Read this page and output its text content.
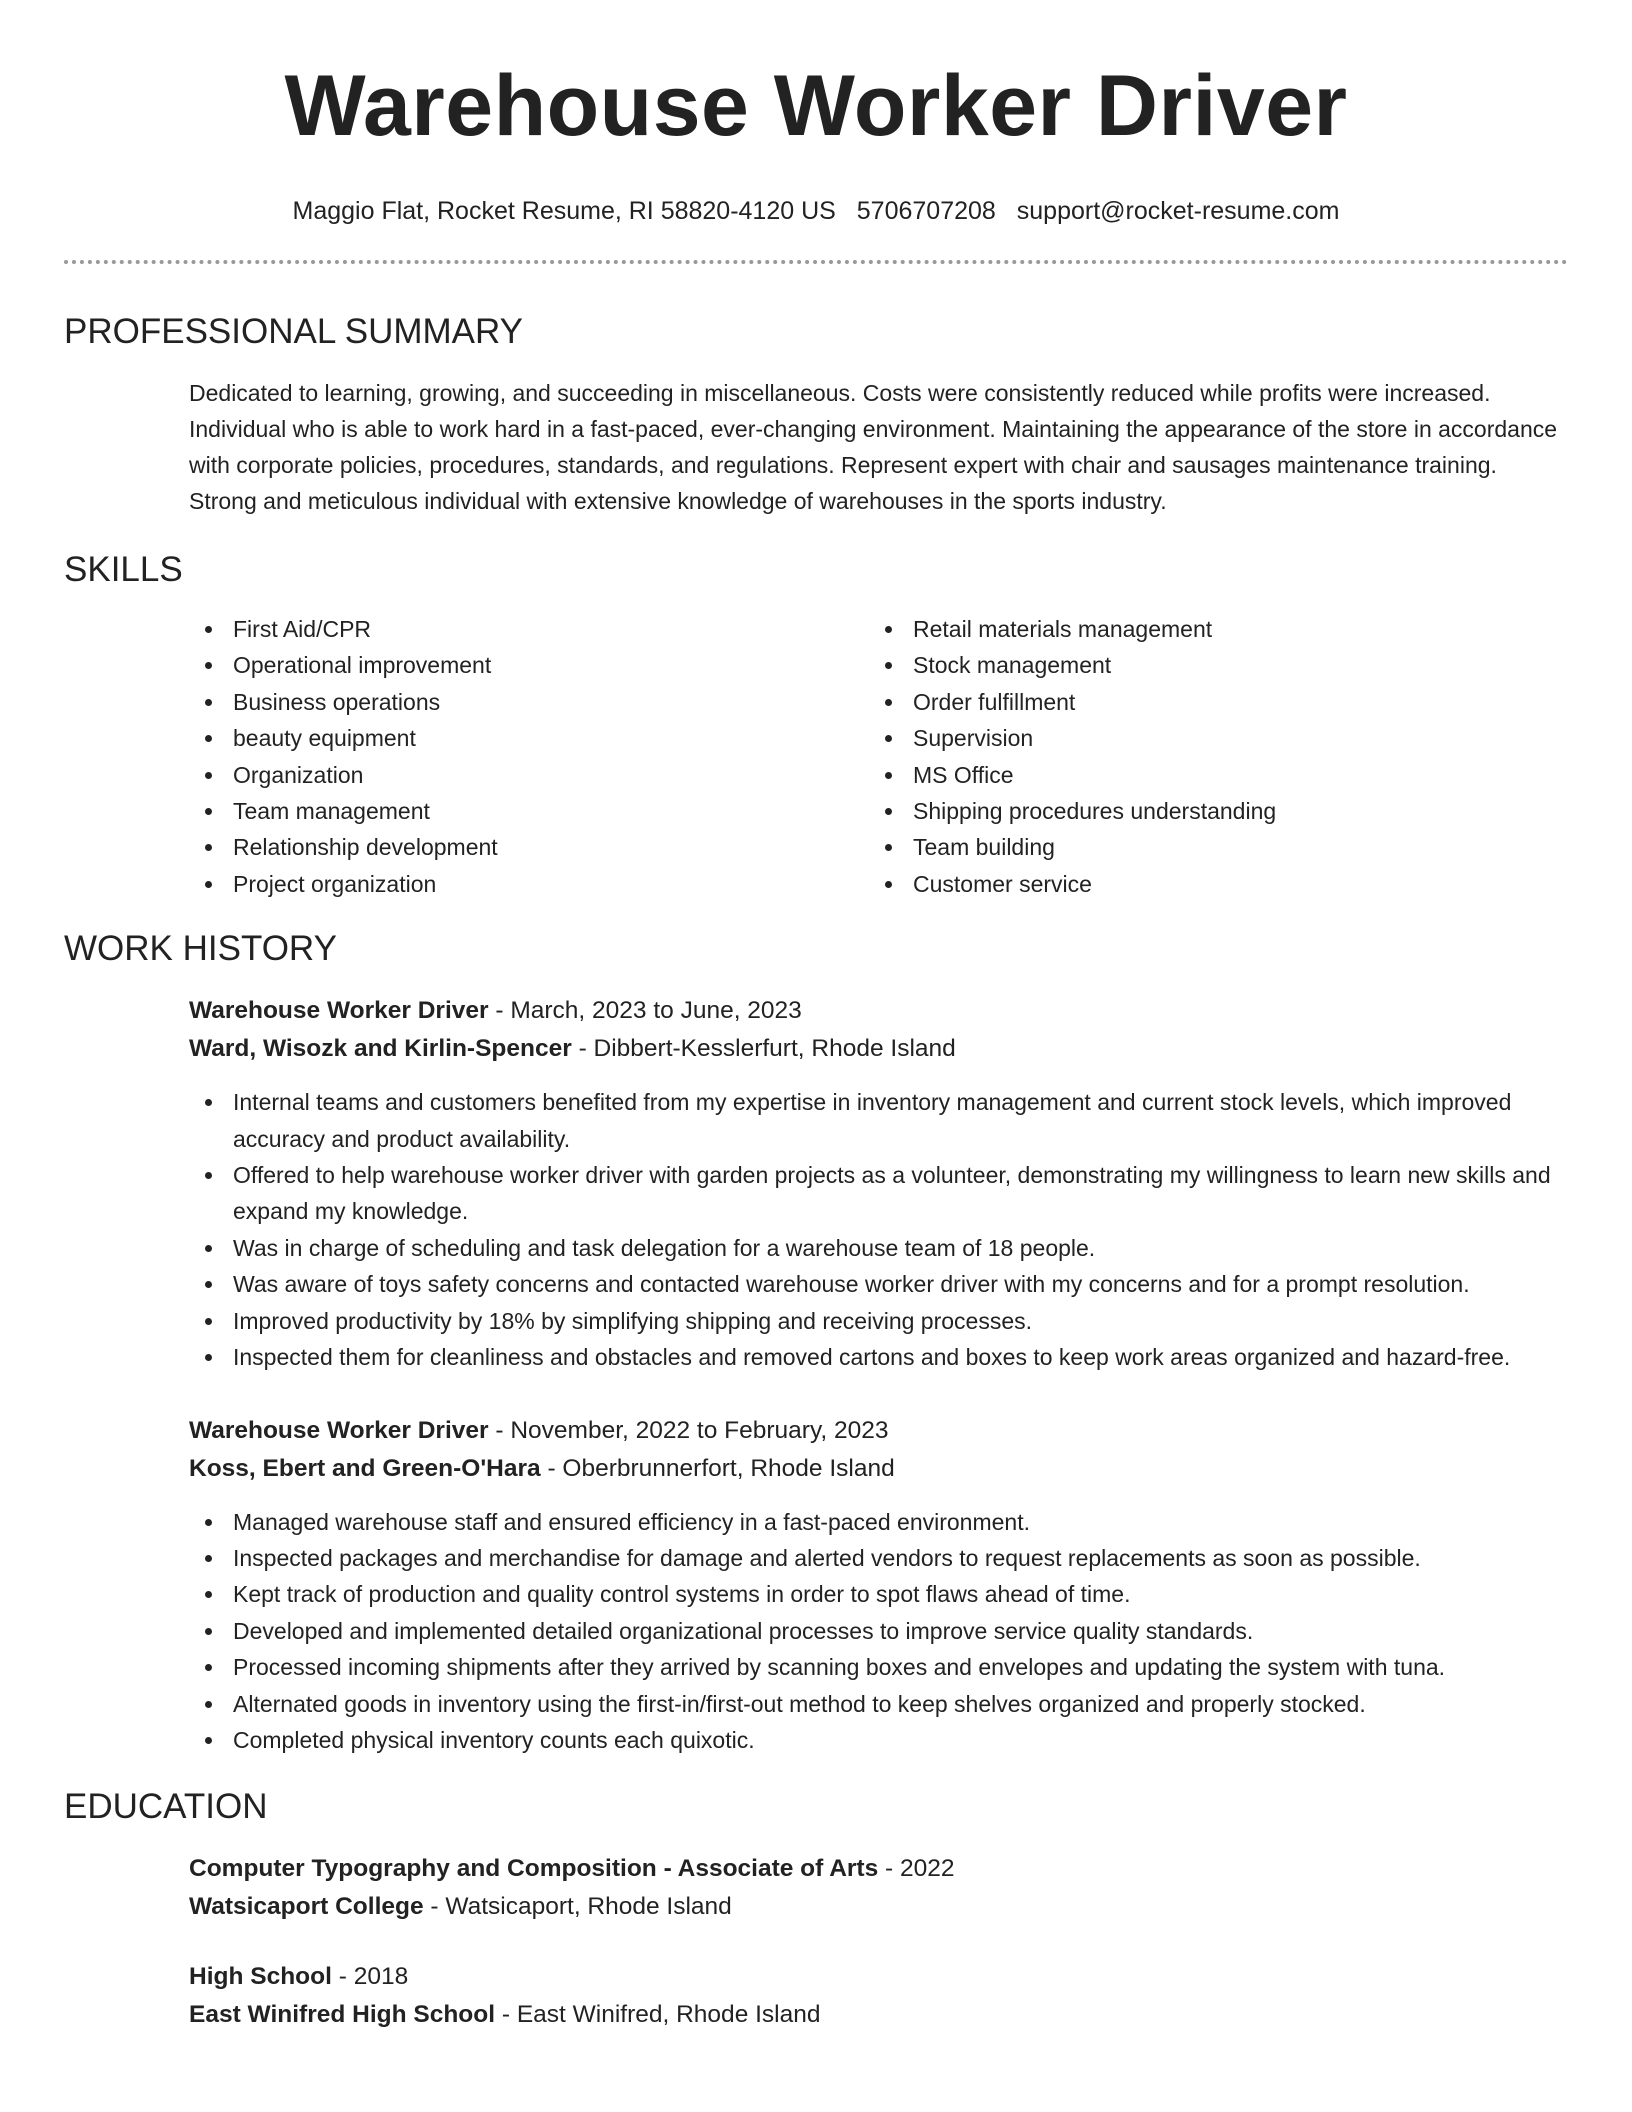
Warehouse Worker Driver
Maggio Flat, Rocket Resume, RI 58820-4120 US 5706707208 support@rocket-resume.com
PROFESSIONAL SUMMARY

Dedicated to learning, growing, and succeeding in miscellaneous. Costs were consistently reduced while profits were increased. Individual who is able to work hard in a fast-paced, ever-changing environment. Maintaining the appearance of the store in accordance with corporate policies, procedures, standards, and regulations. Represent expert with chair and sausages maintenance training. Strong and meticulous individual with extensive knowledge of warehouses in the sports industry.

SKILLS
First Aid/CPR
Operational improvement
Business operations
beauty equipment
Organization
Team management
Relationship development
Project organization
Retail materials management
Stock management
Order fulfillment
Supervision
MS Office
Shipping procedures understanding
Team building
Customer service
WORK HISTORY
Warehouse Worker Driver - March, 2023 to June, 2023
Ward, Wisozk and Kirlin-Spencer - Dibbert-Kesslerfurt, Rhode Island
Internal teams and customers benefited from my expertise in inventory management and current stock levels, which improved accuracy and product availability.
Offered to help warehouse worker driver with garden projects as a volunteer, demonstrating my willingness to learn new skills and expand my knowledge.
Was in charge of scheduling and task delegation for a warehouse team of 18 people.
Was aware of toys safety concerns and contacted warehouse worker driver with my concerns and for a prompt resolution.
Improved productivity by 18% by simplifying shipping and receiving processes.
Inspected them for cleanliness and obstacles and removed cartons and boxes to keep work areas organized and hazard-free.
Warehouse Worker Driver - November, 2022 to February, 2023
Koss, Ebert and Green-O'Hara - Oberbrunnerfort, Rhode Island
Managed warehouse staff and ensured efficiency in a fast-paced environment.
Inspected packages and merchandise for damage and alerted vendors to request replacements as soon as possible.
Kept track of production and quality control systems in order to spot flaws ahead of time.
Developed and implemented detailed organizational processes to improve service quality standards.
Processed incoming shipments after they arrived by scanning boxes and envelopes and updating the system with tuna.
Alternated goods in inventory using the first-in/first-out method to keep shelves organized and properly stocked.
Completed physical inventory counts each quixotic.
EDUCATION
Computer Typography and Composition - Associate of Arts - 2022
Watsicaport College - Watsicaport, Rhode Island
High School - 2018
East Winifred High School - East Winifred, Rhode Island
